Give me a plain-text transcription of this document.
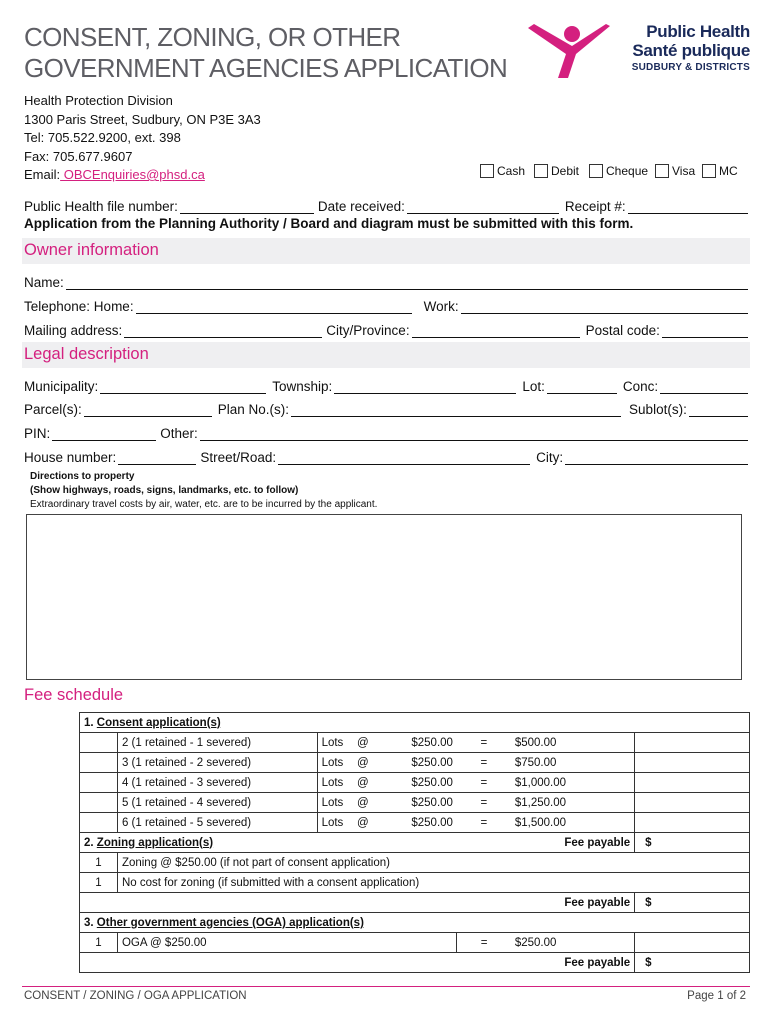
CONSENT, ZONING, OR OTHER
GOVERNMENT AGENCIES APPLICATION
Public Health
Santé publique
SUDBURY & DISTRICTS
Health Protection Division
1300 Paris Street, Sudbury, ON P3E 3A3
Tel: 705.522.9200, ext. 398
Fax: 705.677.9607
Email: OBCEnquiries@phsd.ca	Cash Debit Cheque Visa MC
Public Health file number:	Date received:	Receipt #:
Application from the Planning Authority / Board and diagram must be submitted with this form.
Owner information
Name:
Telephone: Home:	Work:
Mailing address:	City/Province:	Postal code:
Legal description
Municipality:	Township:	Lot:	Conc:
Parcel(s):	Plan No.(s):	Sublot(s):
PIN:	Other:
House number:	Street/Road:	City:
Directions to property
(Show highways, roads, signs, landmarks, etc. to follow)
Extraordinary travel costs by air, water, etc. are to be incurred by the applicant.
Fee schedule
1. Consent application(s)								
	2 (1 retained - 1 severed)	Lots	@	$250.00	=	$500.00		
	3 (1 retained - 2 severed)	Lots	@	$250.00	=	$750.00		
	4 (1 retained - 3 severed)	Lots	@	$250.00	=	$1,000.00		
	5 (1 retained - 4 severed)	Lots	@	$250.00	=	$1,250.00		
	6 (1 retained - 5 severed)	Lots	@	$250.00	=	$1,500.00		
2. Zoning application(s)							Fee payable	$
1	Zoning @ $250.00 (if not part of consent application)							
1	No cost for zoning (if submitted with a consent application)							
							Fee payable	$
3. Other government agencies (OGA) application(s)								
1	OGA @ $250.00				=	$250.00		
							Fee payable	$
CONSENT / ZONING / OGA APPLICATION	Page 1 of 2
